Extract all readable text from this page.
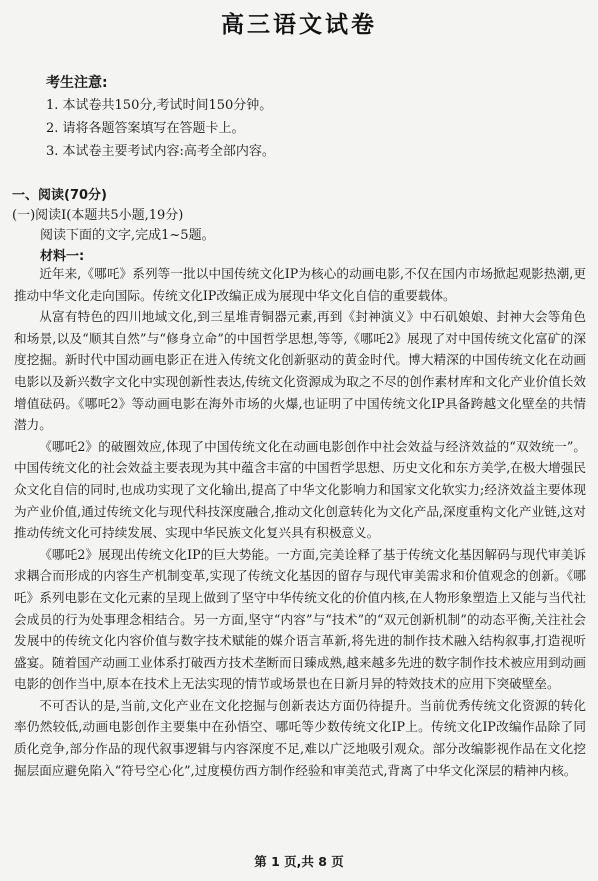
高三语文试卷
考生注意:
1. 本试卷共150分,考试时间150分钟。
2. 请将各题答案填写在答题卡上。
3. 本试卷主要考试内容:高考全部内容。
一、阅读(70分)
(一)阅读Ⅰ(本题共5小题,19分)
阅读下面的文字,完成1~5题。
材料一:

近年来,《哪吒》系列等一批以中国传统文化IP为核心的动画电影,不仅在国内市场掀起观影热潮,更推动中华文化走向国际。传统文化IP改编正成为展现中华文化自信的重要载体。

从富有特色的四川地域文化,到三星堆青铜器元素,再到《封神演义》中石矶娘娘、封神大会等角色和场景,以及“顺其自然”与“修身立命”的中国哲学思想,等等,《哪吒2》展现了对中国传统文化富矿的深度挖掘。新时代中国动画电影正在进入传统文化创新驱动的黄金时代。博大精深的中国传统文化在动画电影以及新兴数字文化中实现创新性表达,传统文化资源成为取之不尽的创作素材库和文化产业价值长效增值砝码。《哪吒2》等动画电影在海外市场的火爆,也证明了中国传统文化IP具备跨越文化壁垒的共情潜力。

《哪吒2》的破圈效应,体现了中国传统文化在动画电影创作中社会效益与经济效益的“双效统一”。中国传统文化的社会效益主要表现为其中蕴含丰富的中国哲学思想、历史文化和东方美学,在极大增强民众文化自信的同时,也成功实现了文化输出,提高了中华文化影响力和国家文化软实力;经济效益主要体现为产业价值,通过传统文化与现代科技深度融合,推动文化创意转化为文化产品,深度重构文化产业链,这对推动传统文化可持续发展、实现中华民族文化复兴具有积极意义。

《哪吒2》展现出传统文化IP的巨大势能。一方面,完美诠释了基于传统文化基因解码与现代审美诉求耦合而形成的内容生产机制变革,实现了传统文化基因的留存与现代审美需求和价值观念的创新。《哪吒》系列电影在文化元素的呈现上做到了坚守中华传统文化的价值内核,在人物形象塑造上又能与当代社会成员的行为处事理念相结合。另一方面,坚守“内容”与“技术”的“双元创新机制”的动态平衡,关注社会发展中的传统文化内容价值与数字技术赋能的媒介语言革新,将先进的制作技术融入结构叙事,打造视听盛宴。随着国产动画工业体系打破西方技术垄断而日臻成熟,越来越多先进的数字制作技术被应用到动画电影的创作当中,原本在技术上无法实现的情节或场景也在日新月异的特效技术的应用下突破壁垒。

不可否认的是,当前,文化产业在文化挖掘与创新表达方面仍待提升。当前优秀传统文化资源的转化率仍然较低,动画电影创作主要集中在孙悟空、哪吒等少数传统文化IP上。传统文化IP改编作品除了同质化竞争,部分作品的现代叙事逻辑与内容深度不足,难以广泛地吸引观众。部分改编影视作品在文化挖掘层面应避免陷入“符号空心化”,过度模仿西方制作经验和审美范式,背离了中华文化深层的精神内核。

第 1 页,共 8 页
